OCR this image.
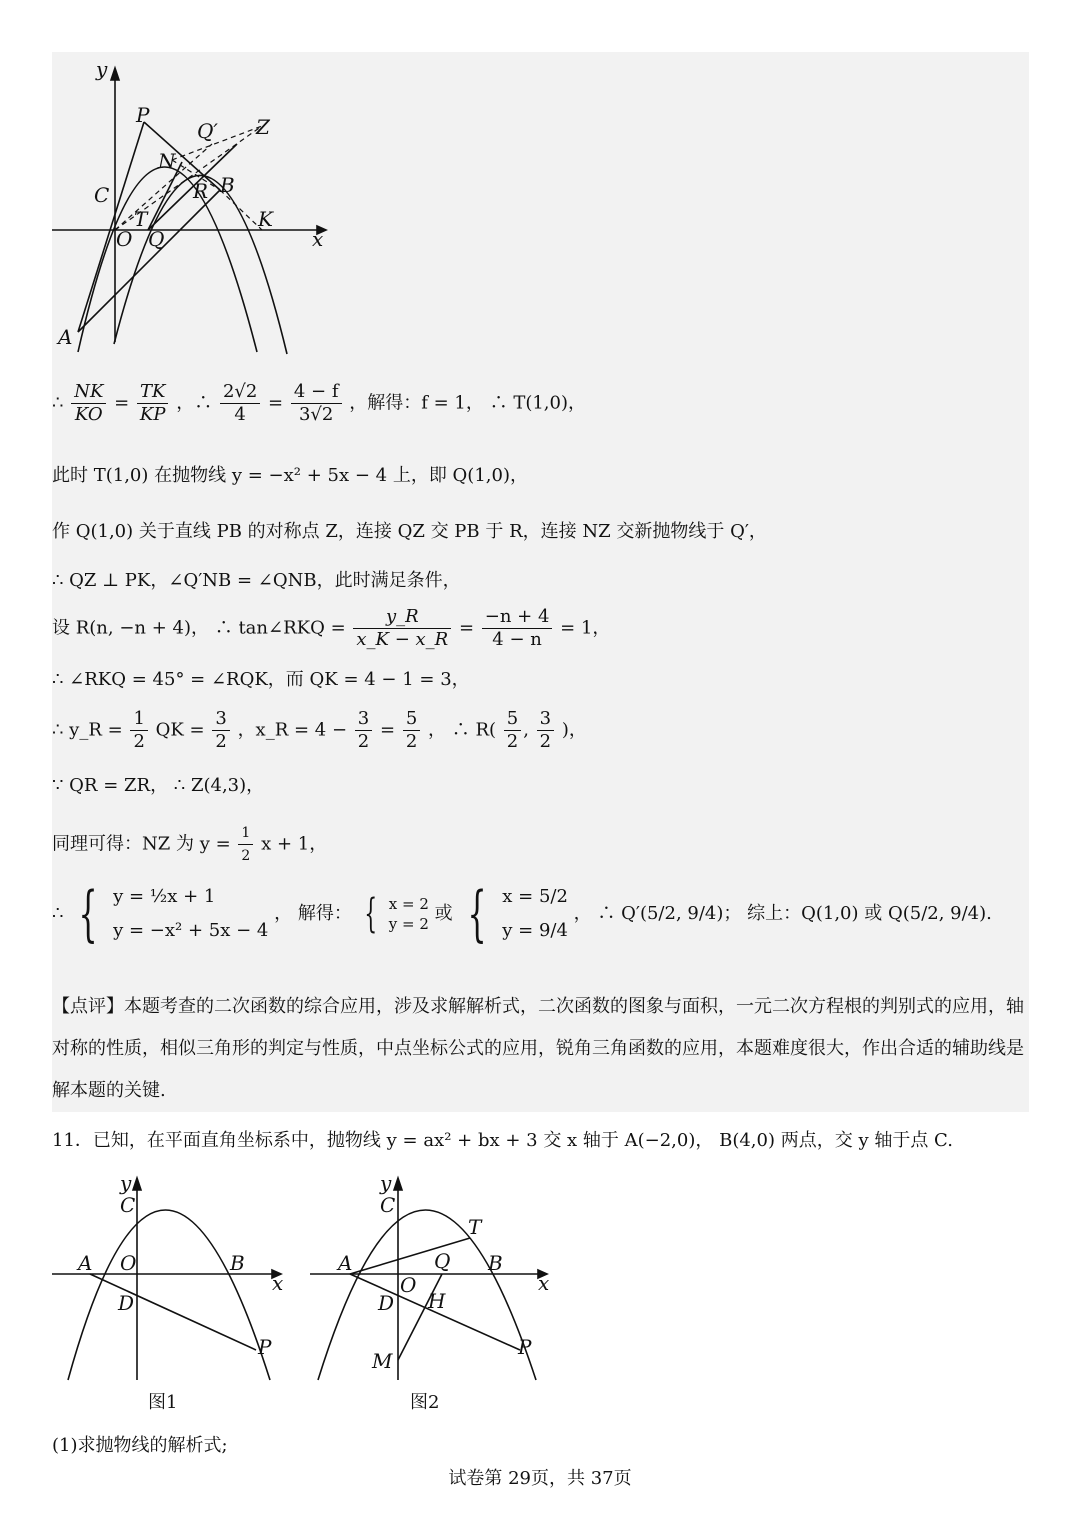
y
x
P
Q′ Z
N
C	R B
T
O Q
K
A
∴ $\frac{NK}{KO} = \frac{TK}{KP}$ ，∴ $\frac{2√2}{4} = \frac{4 - f}{3√2}$ ，解得：f = 1， ∴ T(1,0)，
此时 T(1,0) 在抛物线 y = −x² + 5x − 4 上，即 Q(1,0)，
作 Q(1,0) 关于直线 PB 的对称点 Z，连接 QZ 交 PB 于 R，连接 NZ 交新抛物线于 Q′，
∴ QZ ⊥ PK，∠Q′NB = ∠QNB，此时满足条件，
设 R(n, −n + 4)， ∴ tan∠RKQ = $\frac{y\_R}{x\_K - x\_R} = \frac{-n + 4}{4 - n} = 1$，
∴ ∠RKQ = 45° = ∠RQK，而 QK = 4 − 1 = 3，
∴ y_R = $\frac{1}{2}$ QK = $\frac{3}{2}$ ，x_R = $4 - \frac{3}{2} = \frac{5}{2}$ ， ∴ $R( \frac{5}{2}$ , $\frac{3}{2}$ )，
∵ QR = ZR， ∴ Z(4,3)，
同理可得：NZ 为 $y = \frac{1}{2}$ x + 1，
∴ { y = ½x + 1
y = −x² + 5x − 4
， 解得： { x = 2
y = 2 或 { x = 5/2
y = 9/4
， ∴ Q′(5/2, 9/4)； 综上：Q(1,0) 或 Q(5/2, 9/4).
【点评】本题考查的二次函数的综合应用，涉及求解解析式，二次函数的图象与面积，一元二次方程根的判别式的应用，轴对称的性质，相似三角形的判定与性质，中点坐标公式的应用，锐角三角函数的应用，本题难度很大，作出合适的辅助线是解本题的关键.
11．已知，在平面直角坐标系中，抛物线 y = ax² + bx + 3 交 x 轴于 A(−2,0)， B(4,0) 两点，交 y 轴于点 C.
y
C
A O	B
x
D
P
图1
y
C
T
A	Q B
O	x
D H
M
P
图2
(1)求抛物线的解析式;
试卷第 29页，共 37页
